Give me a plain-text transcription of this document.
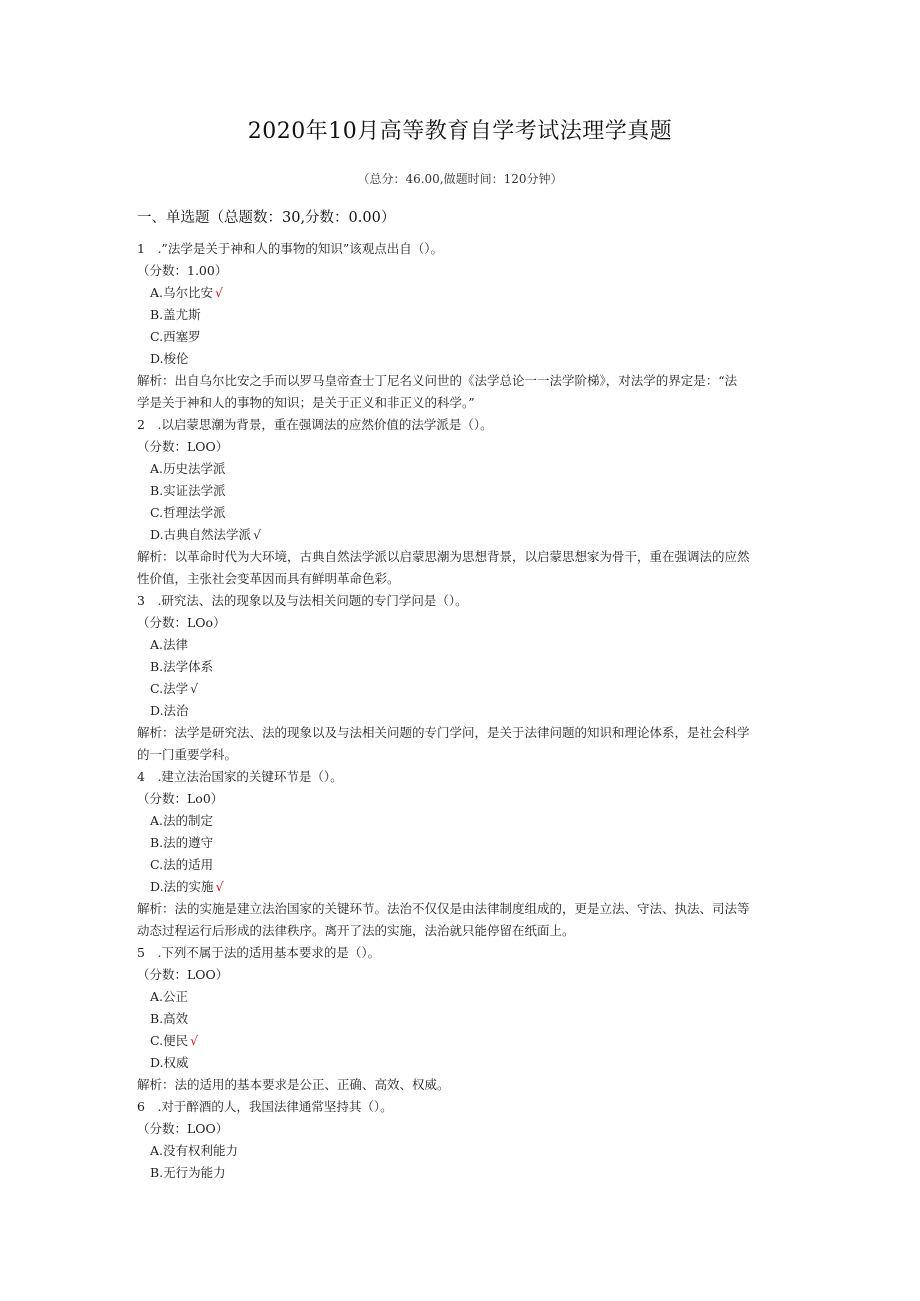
2020年10月高等教育自学考试法理学真题
（总分：46.00,做题时间：120分钟）
一、单选题（总题数：30,分数：0.00）
1　.”法学是关于神和人的事物的知识”该观点出自（）。
（分数：1.00）
A.乌尔比安 √
B.盖尤斯
C.西塞罗
D.梭伦
解析：出自乌尔比安之手而以罗马皇帝查士丁尼名义问世的《法学总论一一法学阶梯》，对法学的界定是：“法
学是关于神和人的事物的知识；是关于正义和非正义的科学。”
2　.以启蒙思潮为背景，重在强调法的应然价值的法学派是（）。
（分数：LOO）
A.历史法学派
B.实证法学派
C.哲理法学派
D.古典自然法学派 √
解析：以革命时代为大环境，古典自然法学派以启蒙思潮为思想背景，以启蒙思想家为骨干，重在强调法的应然
性价值，主张社会变革因而具有鲜明革命色彩。
3　.研究法、法的现象以及与法相关问题的专门学问是（）。
（分数：LOo）
A.法律
B.法学体系
C.法学 √
D.法治
解析：法学是研究法、法的现象以及与法相关问题的专门学问，是关于法律问题的知识和理论体系，是社会科学
的一门重要学科。
4　.建立法治国家的关键环节是（）。
（分数：Lo0）
A.法的制定
B.法的遵守
C.法的适用
D.法的实施 √
解析：法的实施是建立法治国家的关键环节。法治不仅仅是由法律制度组成的，更是立法、守法、执法、司法等
动态过程运行后形成的法律秩序。离开了法的实施，法治就只能停留在纸面上。
5　.下列不属于法的适用基本要求的是（）。
（分数：LOO）
A.公正
B.高效
C.便民 √
D.权威
解析：法的适用的基本要求是公正、正确、高效、权威。
6　.对于醉酒的人，我国法律通常坚持其（）。
（分数：LOO）
A.没有权利能力
B.无行为能力
